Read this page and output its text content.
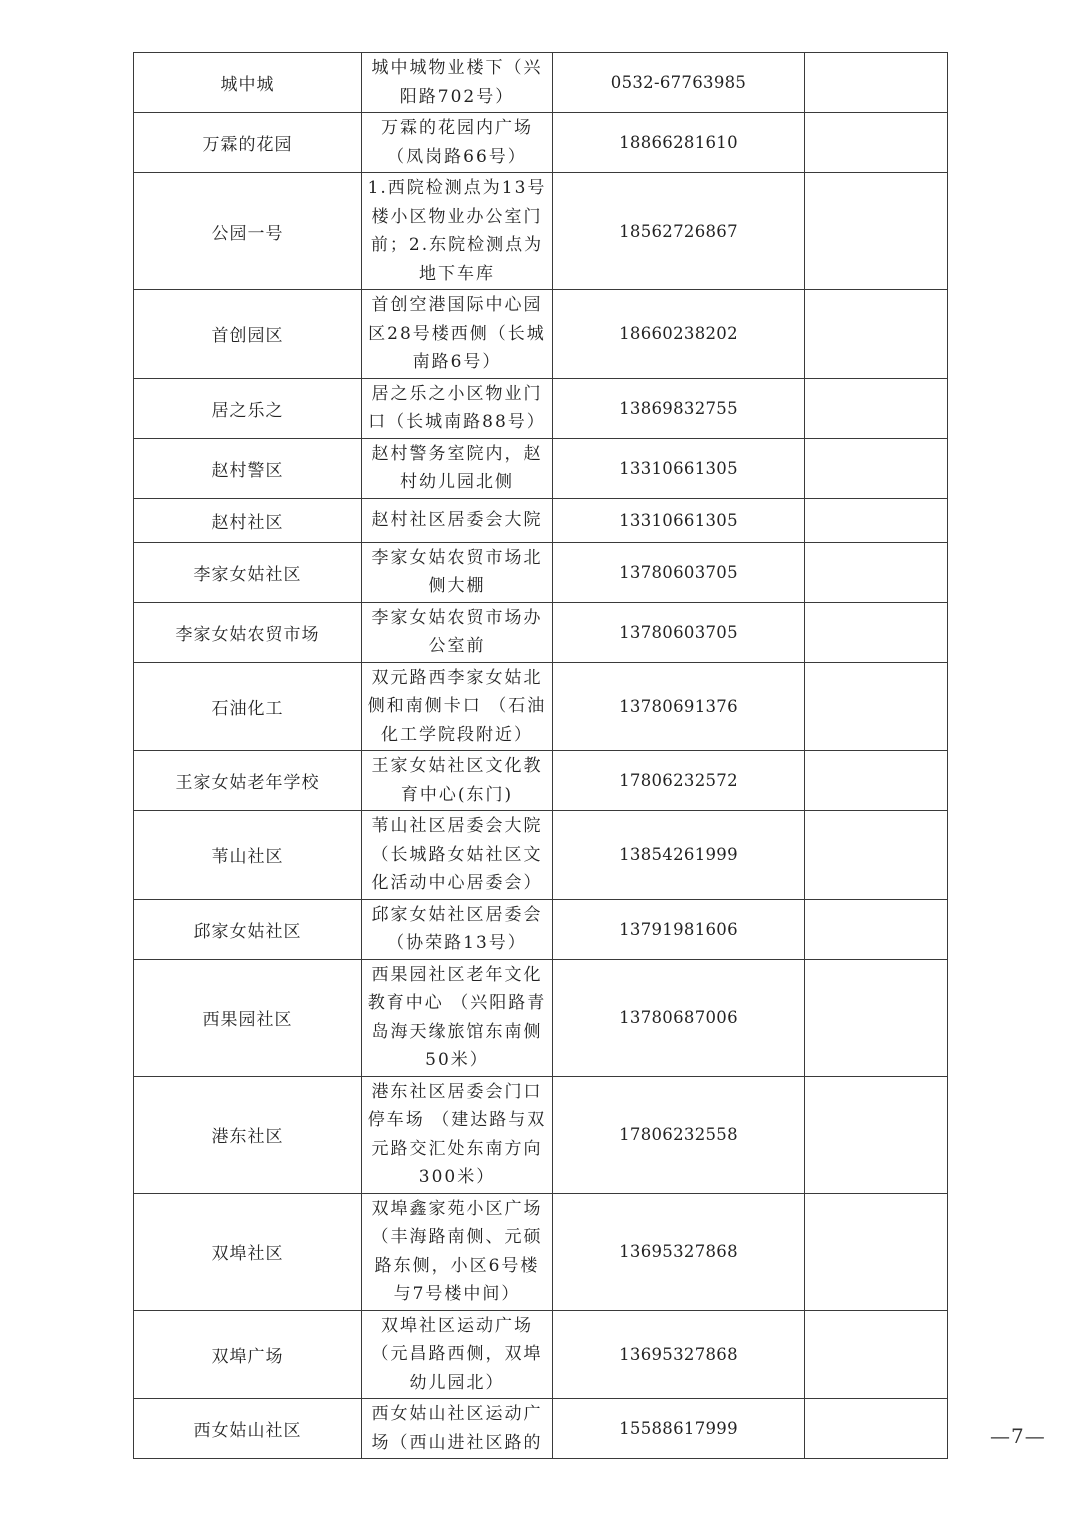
城中城	城中城物业楼下（兴阳路702号）	0532-67763985	
万霖的花园	万霖的花园内广场（凤岗路66号）	18866281610	
公园一号	1.西院检测点为13号楼小区物业办公室门前；2.东院检测点为地下车库	18562726867	
首创园区	首创空港国际中心园区28号楼西侧（长城南路6号）	18660238202	
居之乐之	居之乐之小区物业门口（长城南路88号）	13869832755	
赵村警区	赵村警务室院内，赵村幼儿园北侧	13310661305	
赵村社区	赵村社区居委会大院	13310661305	
李家女姑社区	李家女姑农贸市场北侧大棚	13780603705	
李家女姑农贸市场	李家女姑农贸市场办公室前	13780603705	
石油化工	双元路西李家女姑北侧和南侧卡口 （石油化工学院段附近）	13780691376	
王家女姑老年学校	王家女姑社区文化教育中心(东门)	17806232572	
苇山社区	苇山社区居委会大院（长城路女姑社区文化活动中心居委会）	13854261999	
邱家女姑社区	邱家女姑社区居委会（协荣路13号）	13791981606	
西果园社区	西果园社区老年文化教育中心 （兴阳路青岛海天缘旅馆东南侧50米）	13780687006	
港东社区	港东社区居委会门口停车场 （建达路与双元路交汇处东南方向300米）	17806232558	
双埠社区	双埠鑫家苑小区广场（丰海路南侧、元硕路东侧，小区6号楼与7号楼中间）	13695327868	
双埠广场	双埠社区运动广场（元昌路西侧，双埠幼儿园北）	13695327868	
西女姑山社区	西女姑山社区运动广场（西山进社区路的	15588617999		—7—
